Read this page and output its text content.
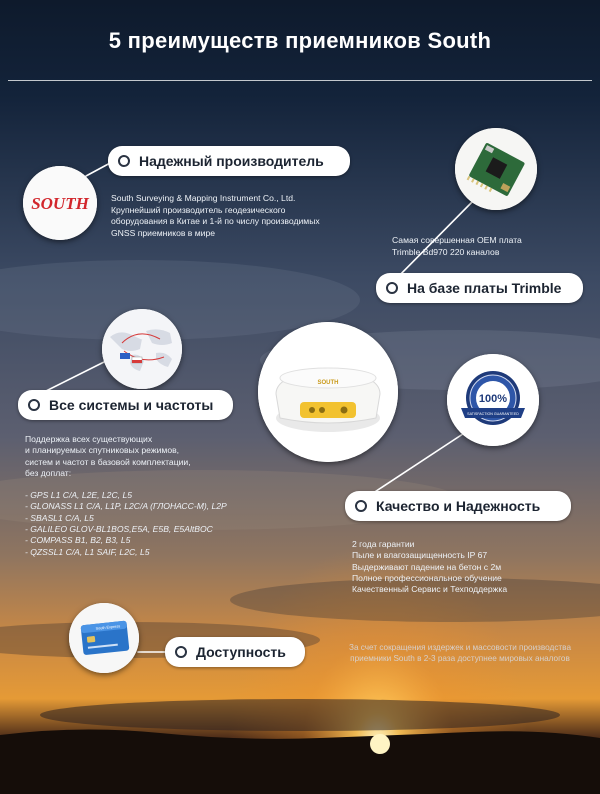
5 преимуществ приемников South
SOUTH
Надежный производитель
South Surveying & Mapping Instrument Co., Ltd.
Крупнейший производитель геодезического
оборудования в Китае и 1-й по числу производимых
GNSS приемников в мире
Самая совершенная OEM плата
Trimble Bd970 220 каналов
На базе платы Trimble
Все системы и частоты
Поддержка всех существующих
и планируемых спутниковых режимов,
систем и частот в базовой комплектации,
без доплат:
- GPS L1 C/A, L2E, L2C, L5
- GLONASS L1 C/A, L1P, L2C/A (ГЛОНАСС-М), L2P
- SBASL1 C/A, L5
- GALILEO GLOV-BL1BOS,E5A, E5B, E5AltBOC
- COMPASS B1, B2, B3, L5
- QZSSL1 C/A, L1 SAIF, L2C, L5
SOUTH
100%
SATISFACTION GUARANTEED
Качество и Надежность
2 года гарантии
Пыле и влагозащищенность IP 67
Выдерживают падение на бетон с 2м
Полное профессиональное обучение
Качественный Сервис и Техподдержка
South Express
Доступность	За счет сокращения издержек и массовости производства
приемники South в 2-3 раза доступнее мировых аналогов
